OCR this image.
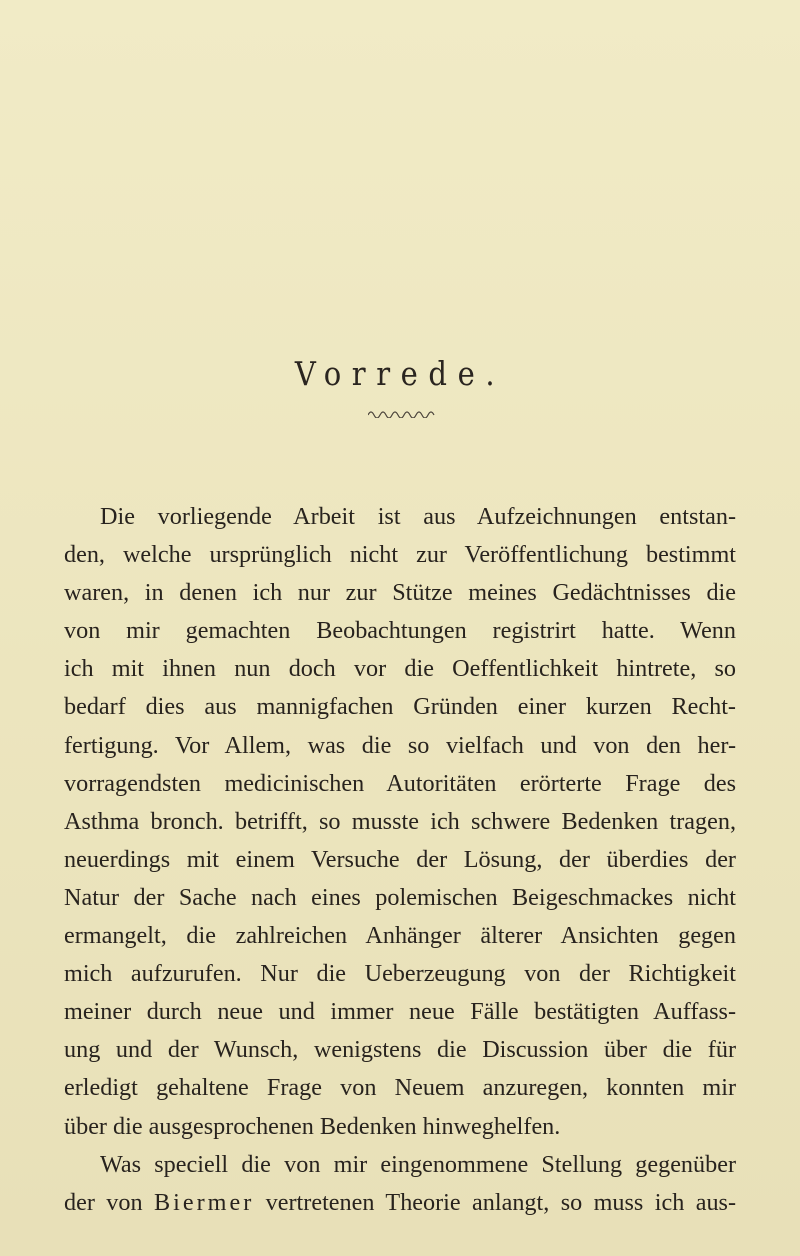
Vorrede.
Die vorliegende Arbeit ist aus Aufzeichnungen entstan-
den, welche ursprünglich nicht zur Veröffentlichung bestimmt
waren, in denen ich nur zur Stütze meines Gedächtnisses die
von mir gemachten Beobachtungen registrirt hatte. Wenn
ich mit ihnen nun doch vor die Oeffentlichkeit hintrete, so
bedarf dies aus mannigfachen Gründen einer kurzen Recht-
fertigung. Vor Allem, was die so vielfach und von den her-
vorragendsten medicinischen Autoritäten erörterte Frage des
Asthma bronch. betrifft, so musste ich schwere Bedenken tragen,
neuerdings mit einem Versuche der Lösung, der überdies der
Natur der Sache nach eines polemischen Beigeschmackes nicht
ermangelt, die zahlreichen Anhänger älterer Ansichten gegen
mich aufzurufen. Nur die Ueberzeugung von der Richtigkeit
meiner durch neue und immer neue Fälle bestätigten Auffass-
ung und der Wunsch, wenigstens die Discussion über die für
erledigt gehaltene Frage von Neuem anzuregen, konnten mir
über die ausgesprochenen Bedenken hinweghelfen.
Was speciell die von mir eingenommene Stellung gegenüber
der von Biermer vertretenen Theorie anlangt, so muss ich aus-
